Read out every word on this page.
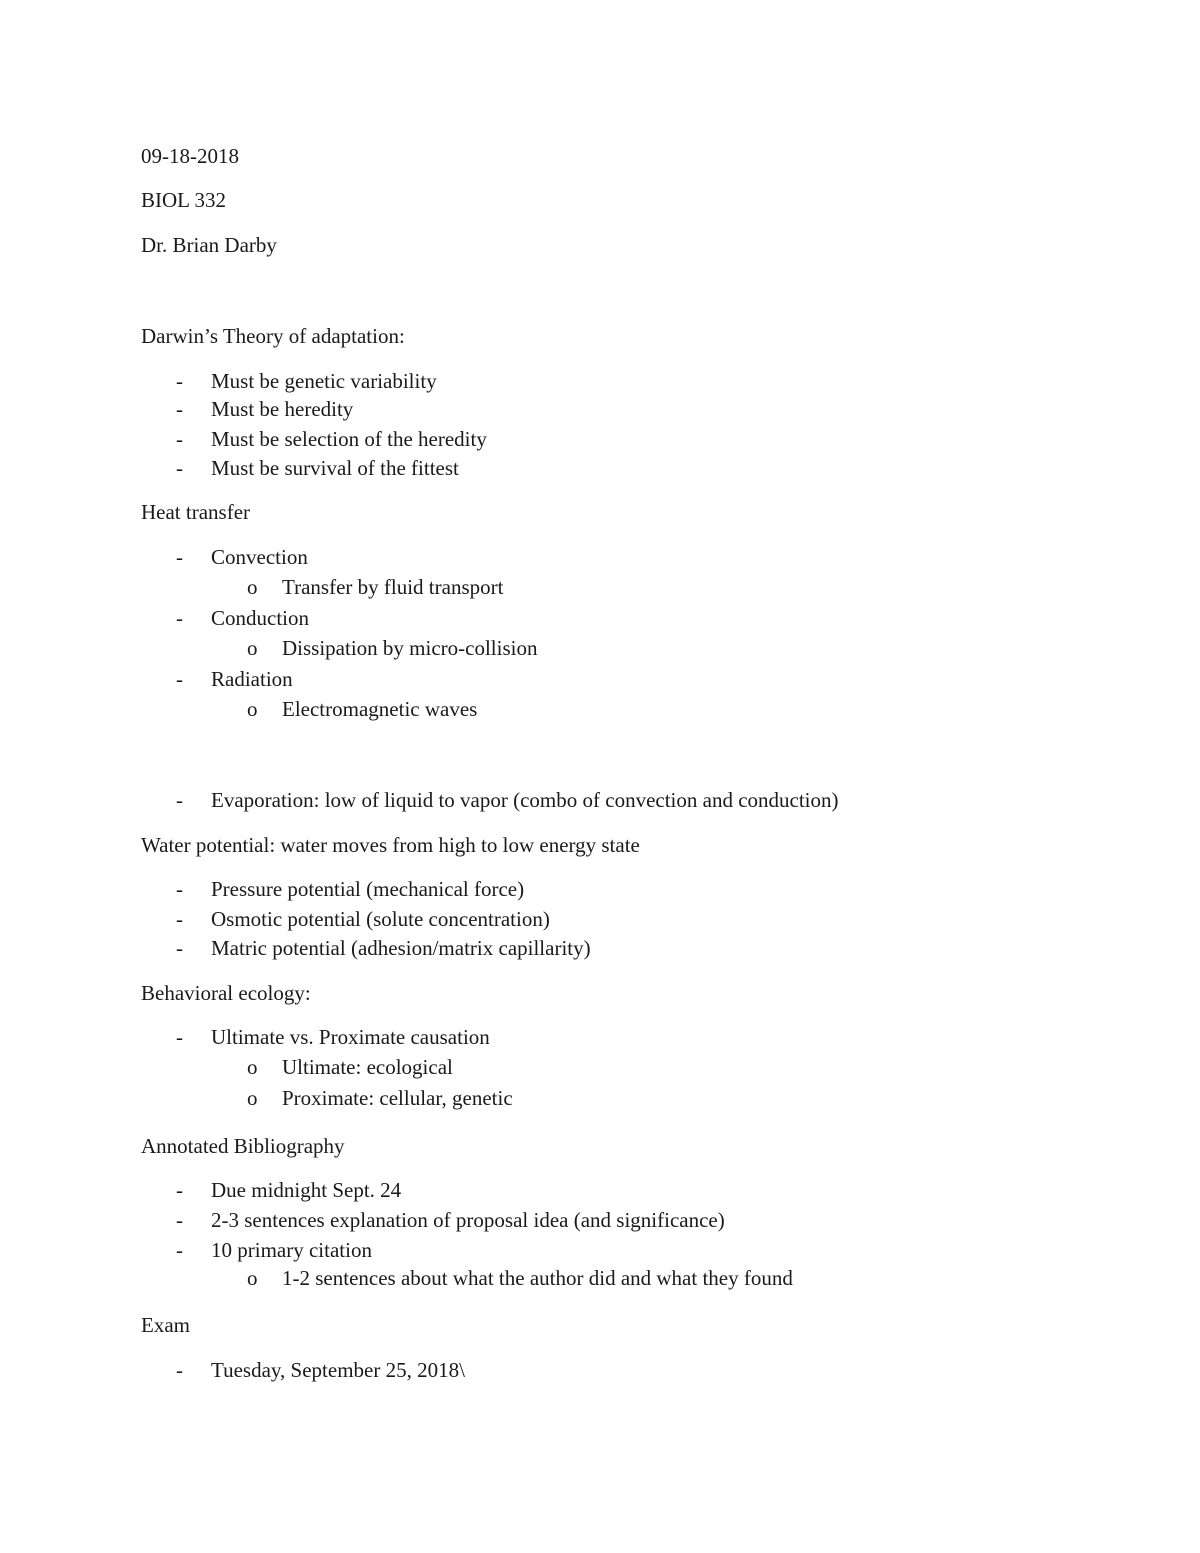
09-18-2018
BIOL 332
Dr. Brian Darby
Darwin’s Theory of adaptation:
- Must be genetic variability
- Must be heredity
- Must be selection of the heredity
- Must be survival of the fittest
Heat transfer
- Convection
o Transfer by fluid transport
- Conduction
o Dissipation by micro-collision
- Radiation
o Electromagnetic waves
- Evaporation: low of liquid to vapor (combo of convection and conduction)
Water potential: water moves from high to low energy state
- Pressure potential (mechanical force)
- Osmotic potential (solute concentration)
- Matric potential (adhesion/matrix capillarity)
Behavioral ecology:
- Ultimate vs. Proximate causation
o Ultimate: ecological
o Proximate: cellular, genetic
Annotated Bibliography
- Due midnight Sept. 24
- 2-3 sentences explanation of proposal idea (and significance)
- 10 primary citation
o 1-2 sentences about what the author did and what they found
Exam
- Tuesday, September 25, 2018\
